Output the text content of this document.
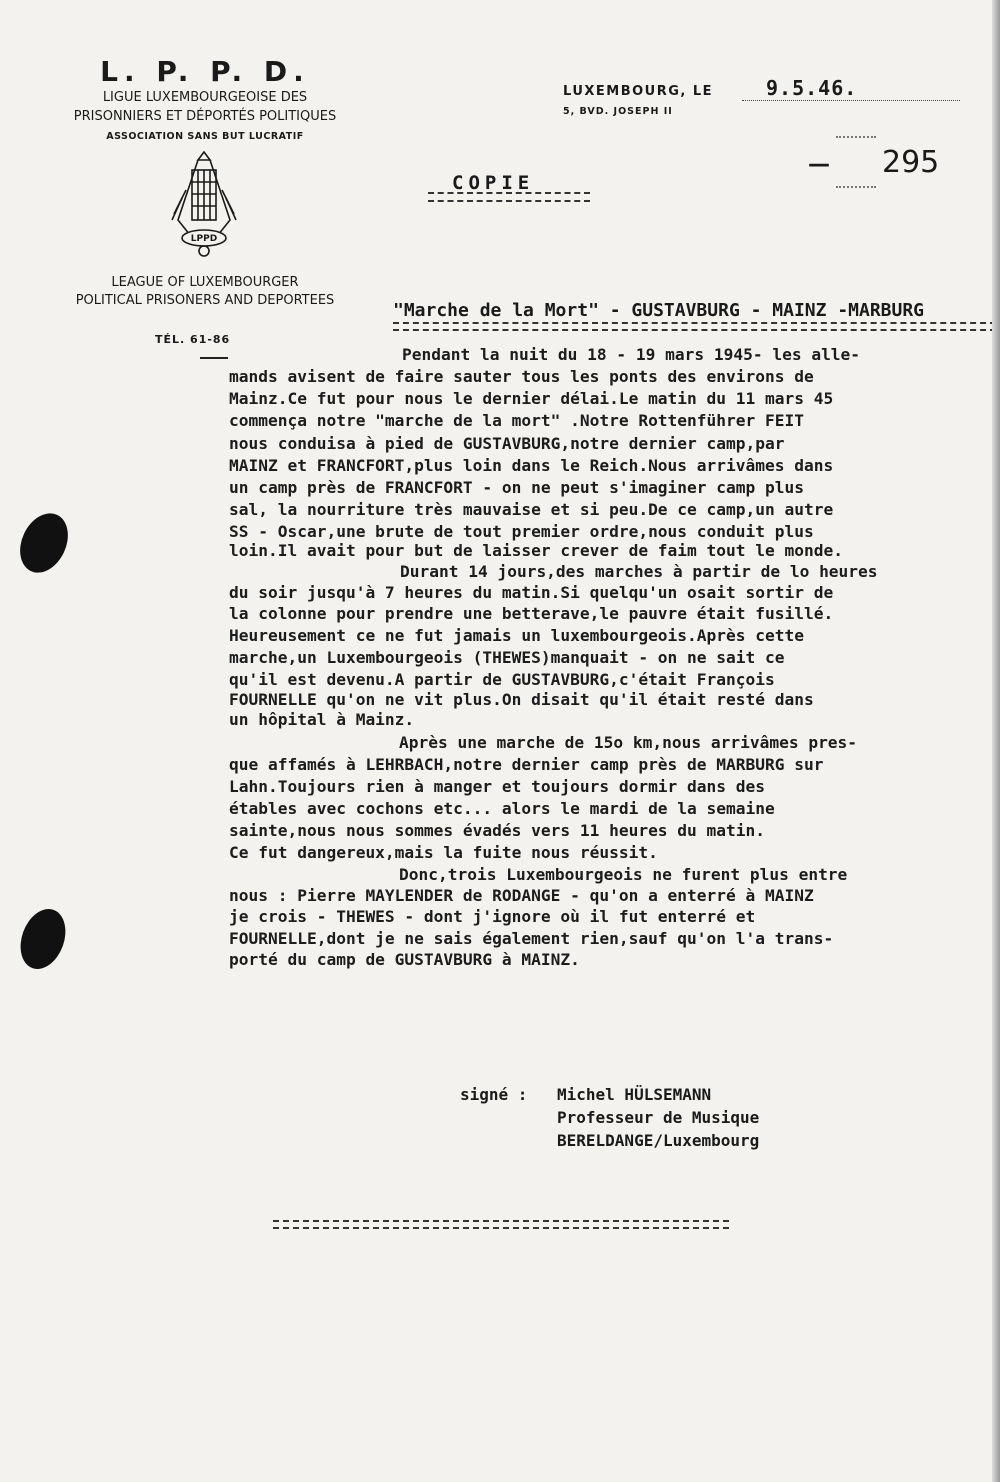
L. P. P. D.
LIGUE LUXEMBOURGEOISE DES
PRISONNIERS ET DÉPORTÉS POLITIQUES
ASSOCIATION SANS BUT LUCRATIF
LPPD
LEAGUE OF LUXEMBOURGER
POLITICAL PRISONERS AND DEPORTEES
TÉL. 61-86
LUXEMBOURG, LE	9.5.46.
5, BVD. JOSEPH II
— 295
COPIE
"Marche de la Mort" - GUSTAVBURG - MAINZ -MARBURG
Pendant la nuit du 18 - 19 mars 1945- les alle-
mands avisent de faire sauter tous les ponts des environs de
Mainz.Ce fut pour nous le dernier délai.Le matin du 11 mars 45
commença notre "marche de la mort" .Notre Rottenführer FEIT
nous conduisa à pied de GUSTAVBURG,notre dernier camp,par
MAINZ et FRANCFORT,plus loin dans le Reich.Nous arrivâmes dans
un camp près de FRANCFORT - on ne peut s'imaginer camp plus
sal, la nourriture très mauvaise et si peu.De ce camp,un autre
SS - Oscar,une brute de tout premier ordre,nous conduit plus
loin.Il avait pour but de laisser crever de faim tout le monde.
Durant 14 jours,des marches à partir de lo heures
du soir jusqu'à 7 heures du matin.Si quelqu'un osait sortir de
la colonne pour prendre une betterave,le pauvre était fusillé.
Heureusement ce ne fut jamais un luxembourgeois.Après cette
marche,un Luxembourgeois (THEWES)manquait - on ne sait ce
qu'il est devenu.A partir de GUSTAVBURG,c'était François
FOURNELLE qu'on ne vit plus.On disait qu'il était resté dans
un hôpital à Mainz.
Après une marche de 15o km,nous arrivâmes pres-
que affamés à LEHRBACH,notre dernier camp près de MARBURG sur
Lahn.Toujours rien à manger et toujours dormir dans des
étables avec cochons etc... alors le mardi de la semaine
sainte,nous nous sommes évadés vers 11 heures du matin.
Ce fut dangereux,mais la fuite nous réussit.
Donc,trois Luxembourgeois ne furent plus entre
nous : Pierre MAYLENDER de RODANGE - qu'on a enterré à MAINZ
je crois - THEWES - dont j'ignore où il fut enterré et
FOURNELLE,dont je ne sais également rien,sauf qu'on l'a trans-
porté du camp de GUSTAVBURG à MAINZ.
signé : Michel HÜLSEMANN
Professeur de Musique
BERELDANGE/Luxembourg
